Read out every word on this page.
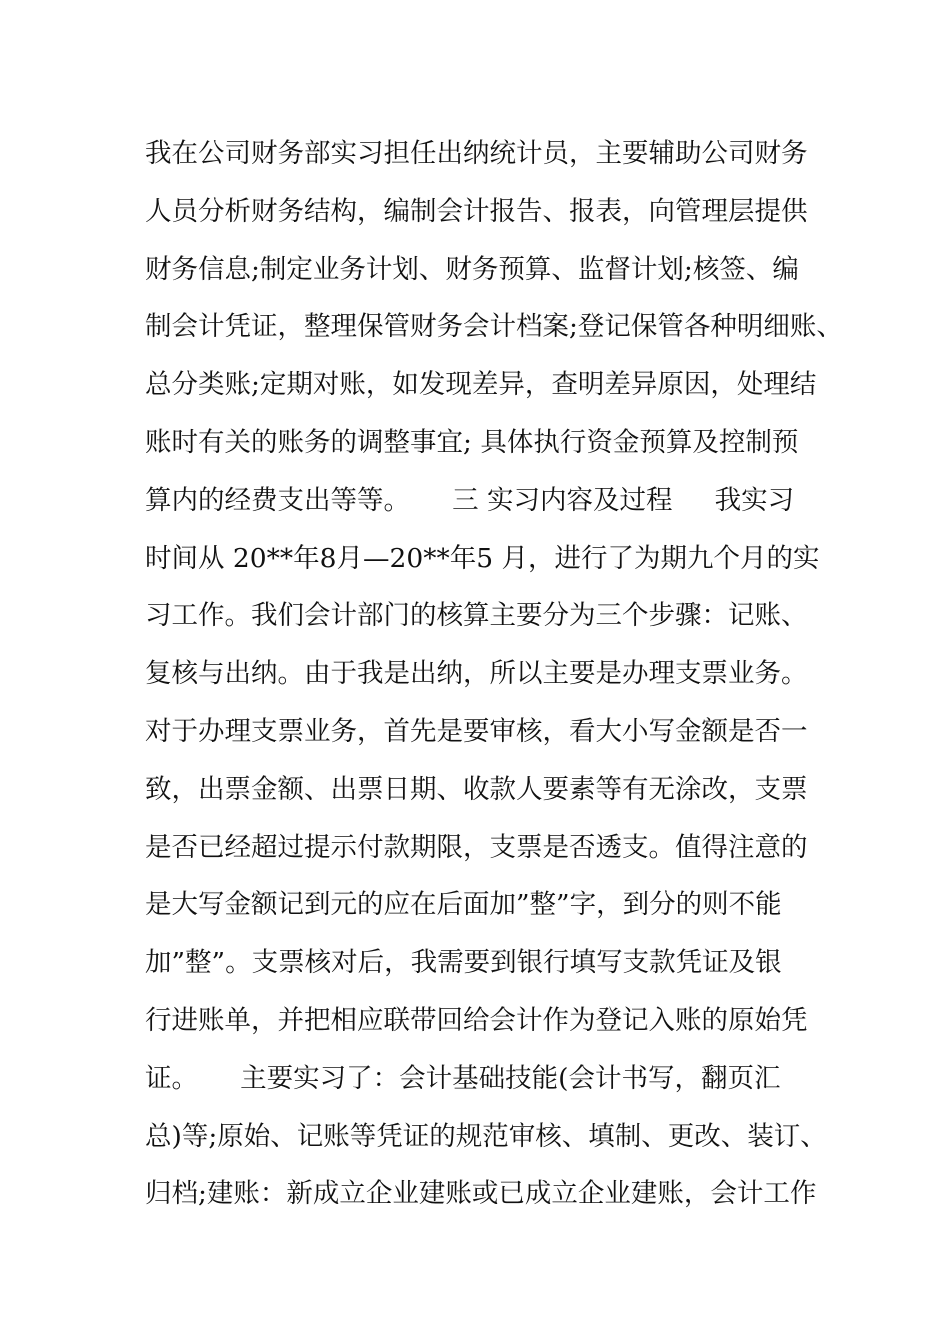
我在公司财务部实习担任出纳统计员，主要辅助公司财务
人员分析财务结构，编制会计报告、报表，向管理层提供
财务信息;制定业务计划、财务预算、监督计划;核签、编
制会计凭证，整理保管财务会计档案;登记保管各种明细账、
总分类账;定期对账，如发现差异，查明差异原因，处理结
账时有关的账务的调整事宜; 具体执行资金预算及控制预
算内的经费支出等等。     三 实习内容及过程     我实习
时间从 20**年8月—20**年5 月，进行了为期九个月的实
习工作。我们会计部门的核算主要分为三个步骤：记账、
复核与出纳。由于我是出纳，所以主要是办理支票业务。
对于办理支票业务，首先是要审核，看大小写金额是否一
致，出票金额、出票日期、收款人要素等有无涂改，支票
是否已经超过提示付款期限，支票是否透支。值得注意的
是大写金额记到元的应在后面加”整”字，到分的则不能
加”整”。支票核对后，我需要到银行填写支款凭证及银
行进账单，并把相应联带回给会计作为登记入账的原始凭
证。     主要实习了：会计基础技能(会计书写，翻页汇
总)等;原始、记账等凭证的规范审核、填制、更改、装订、
归档;建账：新成立企业建账或已成立企业建账，会计工作
